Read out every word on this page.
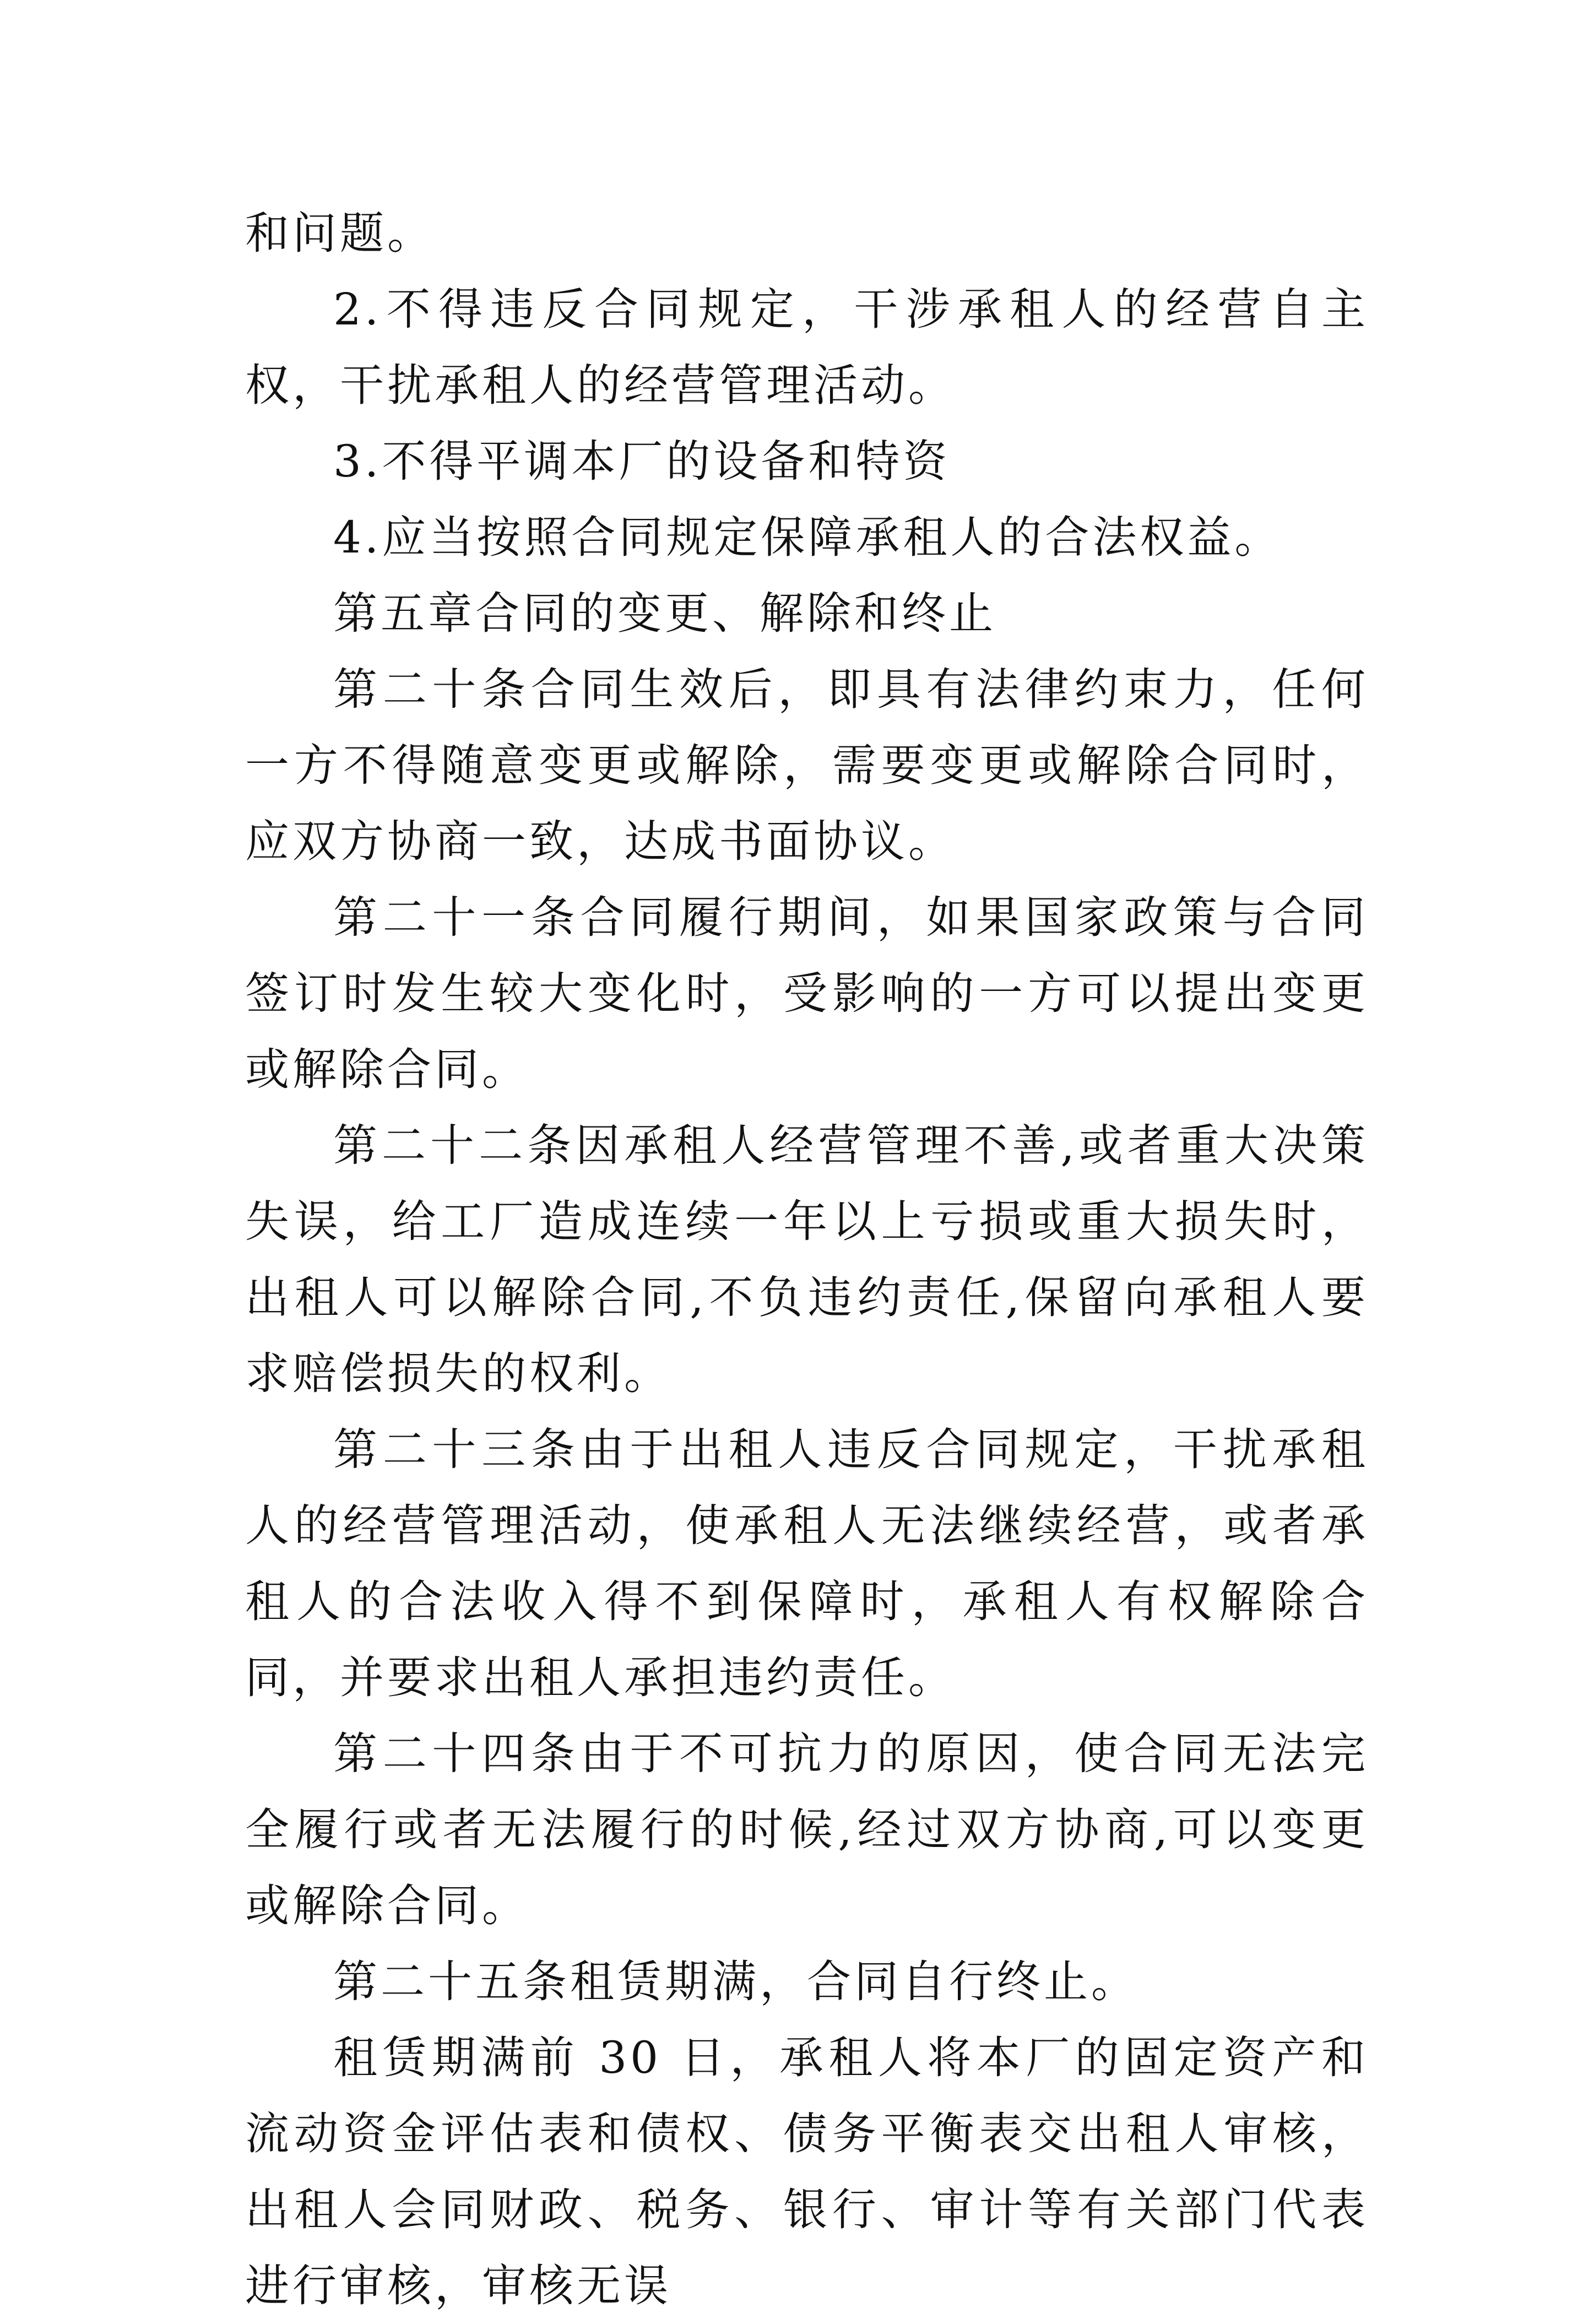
和问题。

2.不得违反合同规定，干涉承租人的经营自主权，干扰承租人的经营管理活动。

3.不得平调本厂的设备和特资

4.应当按照合同规定保障承租人的合法权益。

第五章合同的变更、解除和终止

第二十条合同生效后，即具有法律约束力，任何一方不得随意变更或解除，需要变更或解除合同时，应双方协商一致，达成书面协议。

第二十一条合同履行期间，如果国家政策与合同签订时发生较大变化时，受影响的一方可以提出变更或解除合同。

第二十二条因承租人经营管理不善,或者重大决策失误，给工厂造成连续一年以上亏损或重大损失时，出租人可以解除合同,不负违约责任,保留向承租人要求赔偿损失的权利。

第二十三条由于出租人违反合同规定，干扰承租人的经营管理活动，使承租人无法继续经营，或者承租人的合法收入得不到保障时，承租人有权解除合同，并要求出租人承担违约责任。

第二十四条由于不可抗力的原因，使合同无法完全履行或者无法履行的时候,经过双方协商,可以变更或解除合同。

第二十五条租赁期满，合同自行终止。

租赁期满前 30 日，承租人将本厂的固定资产和流动资金评估表和债权、债务平衡表交出租人审核，出租人会同财政、税务、银行、审计等有关部门代表进行审核，审核无误
